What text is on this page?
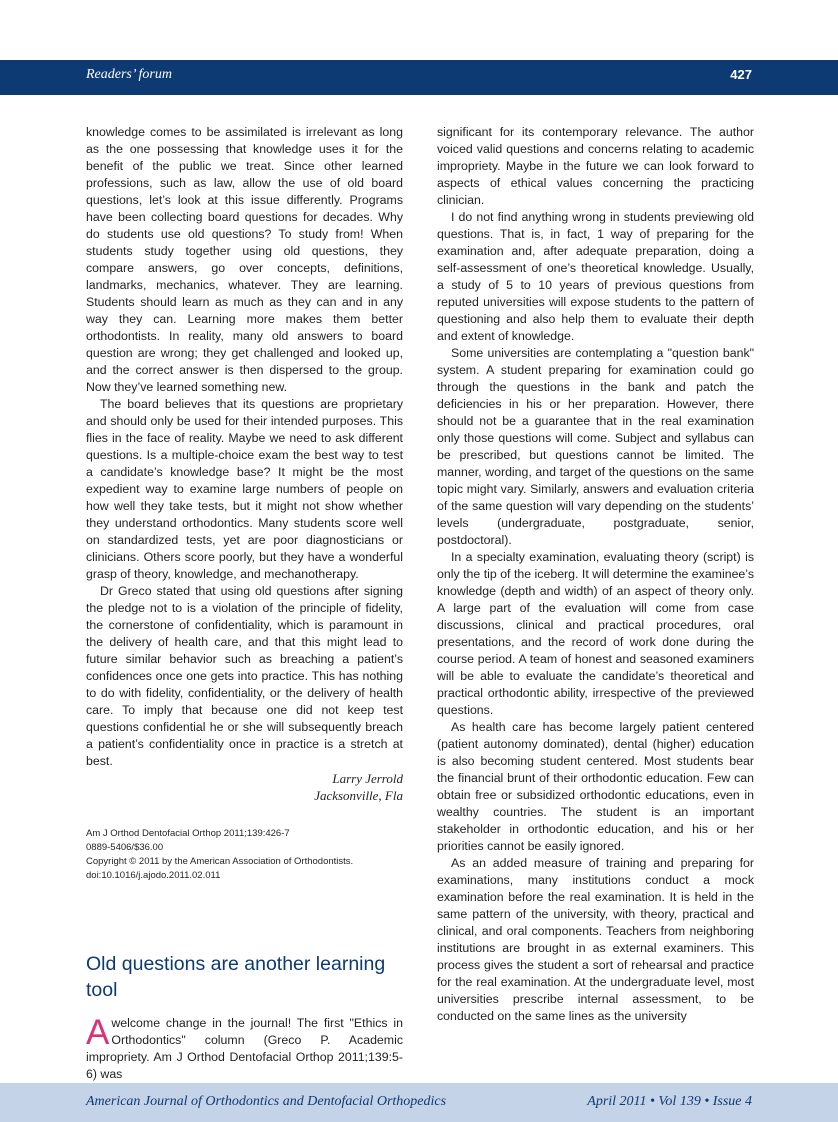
Readers’ forum	427

knowledge comes to be assimilated is irrelevant as long as the one possessing that knowledge uses it for the benefit of the public we treat. Since other learned professions, such as law, allow the use of old board questions, let’s look at this issue differently. Programs have been collecting board questions for decades. Why do students use old questions? To study from! When students study together using old questions, they compare answers, go over concepts, definitions, landmarks, mechanics, whatever. They are learning. Students should learn as much as they can and in any way they can. Learning more makes them better orthodontists. In reality, many old answers to board question are wrong; they get challenged and looked up, and the correct answer is then dispersed to the group. Now they’ve learned something new.

The board believes that its questions are proprietary and should only be used for their intended purposes. This flies in the face of reality. Maybe we need to ask different questions. Is a multiple-choice exam the best way to test a candidate’s knowledge base? It might be the most expedient way to examine large numbers of people on how well they take tests, but it might not show whether they understand orthodontics. Many students score well on standardized tests, yet are poor diagnosticians or clinicians. Others score poorly, but they have a wonderful grasp of theory, knowledge, and mechanotherapy.

Dr Greco stated that using old questions after signing the pledge not to is a violation of the principle of fidelity, the cornerstone of confidentiality, which is paramount in the delivery of health care, and that this might lead to future similar behavior such as breaching a patient’s confidences once one gets into practice. This has nothing to do with fidelity, confidentiality, or the delivery of health care. To imply that because one did not keep test questions confidential he or she will subsequently breach a patient’s confidentiality once in practice is a stretch at best.

Larry Jerrold

Jacksonville, Fla

Am J Orthod Dentofacial Orthop 2011;139:426-7
0889-5406/$36.00
Copyright © 2011 by the American Association of Orthodontists.
doi:10.1016/j.ajodo.2011.02.011
Old questions are another learning tool

Awelcome change in the journal! The first "Ethics in Orthodontics" column (Greco P. Academic impropriety. Am J Orthod Dentofacial Orthop 2011;139:5-6) was

significant for its contemporary relevance. The author voiced valid questions and concerns relating to academic impropriety. Maybe in the future we can look forward to aspects of ethical values concerning the practicing clinician.

I do not find anything wrong in students previewing old questions. That is, in fact, 1 way of preparing for the examination and, after adequate preparation, doing a self-assessment of one’s theoretical knowledge. Usually, a study of 5 to 10 years of previous questions from reputed universities will expose students to the pattern of questioning and also help them to evaluate their depth and extent of knowledge.

Some universities are contemplating a "question bank" system. A student preparing for examination could go through the questions in the bank and patch the deficiencies in his or her preparation. However, there should not be a guarantee that in the real examination only those questions will come. Subject and syllabus can be prescribed, but questions cannot be limited. The manner, wording, and target of the questions on the same topic might vary. Similarly, answers and evaluation criteria of the same question will vary depending on the students’ levels (undergraduate, postgraduate, senior, postdoctoral).

In a specialty examination, evaluating theory (script) is only the tip of the iceberg. It will determine the examinee’s knowledge (depth and width) of an aspect of theory only. A large part of the evaluation will come from case discussions, clinical and practical procedures, oral presentations, and the record of work done during the course period. A team of honest and seasoned examiners will be able to evaluate the candidate’s theoretical and practical orthodontic ability, irrespective of the previewed questions.

As health care has become largely patient centered (patient autonomy dominated), dental (higher) education is also becoming student centered. Most students bear the financial brunt of their orthodontic education. Few can obtain free or subsidized orthodontic educations, even in wealthy countries. The student is an important stakeholder in orthodontic education, and his or her priorities cannot be easily ignored.

As an added measure of training and preparing for examinations, many institutions conduct a mock examination before the real examination. It is held in the same pattern of the university, with theory, practical and clinical, and oral components. Teachers from neighboring institutions are brought in as external examiners. This process gives the student a sort of rehearsal and practice for the real examination. At the undergraduate level, most universities prescribe internal assessment, to be conducted on the same lines as the university

American Journal of Orthodontics and Dentofacial Orthopedics	April 2011 • Vol 139 • Issue 4
